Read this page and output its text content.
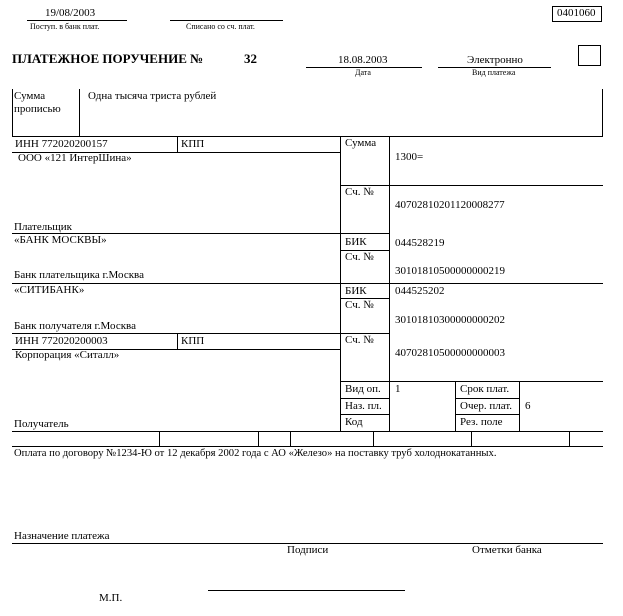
19/08/2003
Поступ. в банк плат.	Списано со сч. плат.
0401060
ПЛАТЕЖНОЕ ПОРУЧЕНИЕ №	32	18.08.2003
Дата
Электронно
Вид платежа
Сумма
прописью
Одна тысяча триста рублей
ИНН 772020200157	КПП
ООО «121 ИнтерШина»
Плательщик
Сумма
1300=
Сч. №
40702810201120008277
«БАНК МОСКВЫ»
Банк плательщика г.Москва
БИК	044528219
Сч. №
30101810500000000219
«СИТИБАНК»
Банк получателя г.Москва
БИК	044525202
Сч. №
30101810300000000202
ИНН 772020200003	КПП
Корпорация «Ситалл»
Получатель
Сч. №
40702810500000000003
Вид оп. 1
Наз. пл.
Код
Срок плат.
Очер. плат. 6
Рез. поле
Оплата по договору №1234-Ю от 12 декабря 2002 года с АО «Железо» на поставку труб холоднокатанных.
Назначение платежа
Подписи	Отметки банка
М.П.
